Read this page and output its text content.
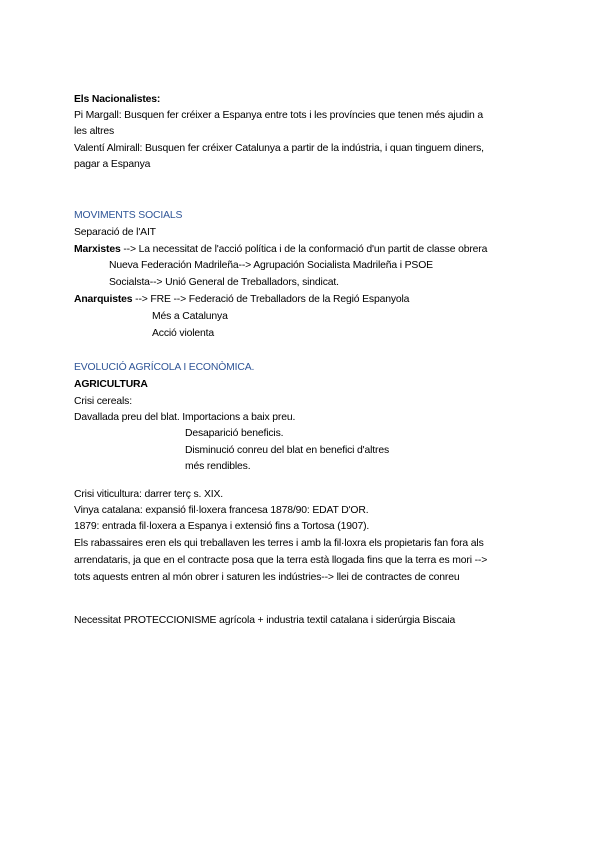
Els Nacionalistes:
Pi Margall: Busquen fer créixer a Espanya entre tots i les províncies que tenen més ajudin a
les altres
Valentí Almirall: Busquen fer créixer Catalunya a partir de la indústria, i quan tinguem diners,
pagar a Espanya
MOVIMENTS SOCIALS
Separació de l'AIT
Marxistes --> La necessitat de l'acció política i de la conformació d'un partit de classe obrera
Nueva Federación Madrileña--> Agrupación Socialista Madrileña i PSOE
Socialsta--> Unió General de Treballadors, sindicat.
Anarquistes --> FRE --> Federació de Treballadors de la Regió Espanyola
Més a Catalunya
Acció violenta
EVOLUCIÓ AGRÍCOLA I ECONÒMICA.
AGRICULTURA
Crisi cereals:
Davallada preu del blat. Importacions a baix preu.
Desaparició beneficis.
Disminució conreu del blat en benefici d'altres
més rendibles.
Crisi viticultura: darrer terç s. XIX.
Vinya catalana: expansió fil·loxera francesa 1878/90: EDAT D'OR.
1879: entrada fil·loxera a Espanya i extensió fins a Tortosa (1907).
Els rabassaires eren els qui treballaven les terres i amb la fil·loxra els propietaris fan fora als
arrendataris, ja que en el contracte posa que la terra està llogada fins que la terra es mori -->
tots aquests entren al món obrer i saturen les indústries--> llei de contractes de conreu
Necessitat PROTECCIONISME agrícola + industria textil catalana i siderúrgia Biscaia
